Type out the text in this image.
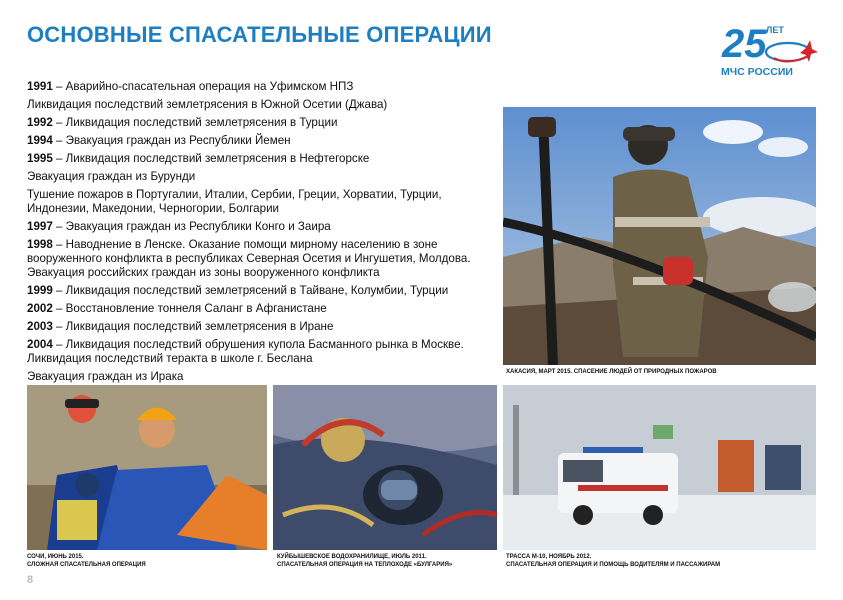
ОСНОВНЫЕ СПАСАТЕЛЬНЫЕ ОПЕРАЦИИ	25 ЛЕТ
МЧС РОССИИ
1991 – Аварийно-спасательная операция на Уфимском НПЗ
Ликвидация последствий землетрясения в Южной Осетии (Джава)
1992 – Ликвидация последствий землетрясения в Турции
1994 – Эвакуация граждан из Республики Йемен
1995 – Ликвидация последствий землетрясения в Нефтегорске
Эвакуация граждан из Бурунди
Тушение пожаров в Португалии, Италии, Сербии, Греции, Хорватии, Турции, Индонезии, Македонии, Черногории, Болгарии
1997 – Эвакуация граждан из Республики Конго и Заира
1998 – Наводнение в Ленске. Оказание помощи мирному населению в зоне вооруженного конфликта в республиках Северная Осетия и Ингушетия, Молдова. Эвакуация российских граждан из зоны вооруженного конфликта
1999 – Ликвидация последствий землетрясений в Тайване, Колумбии, Турции
2002 – Восстановление тоннеля Саланг в Афганистане
2003 – Ликвидация последствий землетрясения в Иране
2004 – Ликвидация последствий обрушения купола Басманного рынка в Москве. Ликвидация последствий теракта в школе г. Беслана
Эвакуация граждан из Ирака	ХАКАСИЯ, МАРТ 2015. СПАСЕНИЕ ЛЮДЕЙ ОТ ПРИРОДНЫХ ПОЖАРОВ
СОЧИ, ИЮНЬ 2015.
СЛОЖНАЯ СПАСАТЕЛЬНАЯ ОПЕРАЦИЯ
КУЙБЫШЕВСКОЕ ВОДОХРАНИЛИЩЕ, ИЮЛЬ 2011.
СПАСАТЕЛЬНАЯ ОПЕРАЦИЯ НА ТЕПЛОХОДЕ «БУЛГАРИЯ»
ТРАССА М-10, НОЯБРЬ 2012.
СПАСАТЕЛЬНАЯ ОПЕРАЦИЯ И ПОМОЩЬ ВОДИТЕЛЯМ И ПАССАЖИРАМ
8
